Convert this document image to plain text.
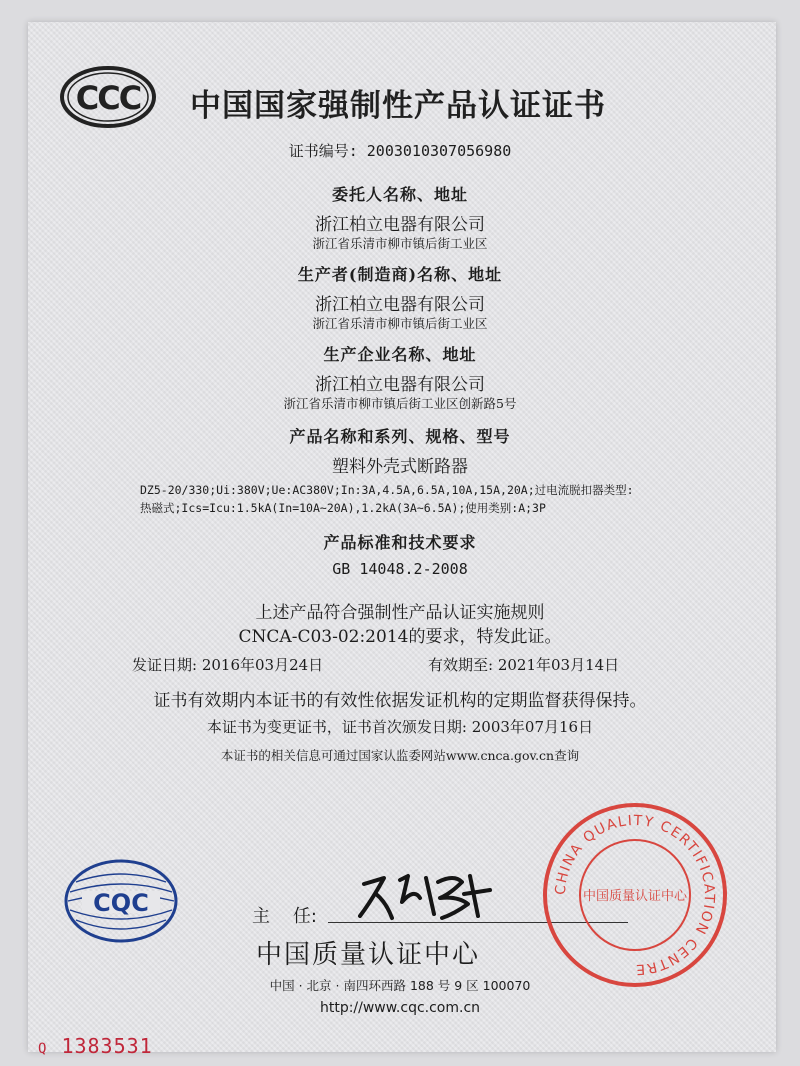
CCC 中国国家强制性产品认证证书
证书编号: 2003010307056980
委托人名称、地址
浙江柏立电器有限公司
浙江省乐清市柳市镇后街工业区
生产者(制造商)名称、地址
浙江柏立电器有限公司
浙江省乐清市柳市镇后街工业区
生产企业名称、地址
浙江柏立电器有限公司
浙江省乐清市柳市镇后街工业区创新路5号
产品名称和系列、规格、型号
塑料外壳式断路器
DZ5-20/330;Ui:380V;Ue:AC380V;In:3A,4.5A,6.5A,10A,15A,20A;过电流脱扣器类型:
热磁式;Ics=Icu:1.5kA(In=10A~20A),1.2kA(3A~6.5A);使用类别:A;3P
产品标准和技术要求
GB 14048.2-2008
上述产品符合强制性产品认证实施规则
CNCA-C03-02:2014的要求，特发此证。
发证日期: 2016年03月24日	有效期至: 2021年03月14日
证书有效期内本证书的有效性依据发证机构的定期监督获得保持。
本证书为变更证书，证书首次颁发日期: 2003年07月16日
本证书的相关信息可通过国家认监委网站www.cnca.gov.cn查询
CQC	主    任:
中国质量认证中心
中国 · 北京 · 南四环西路 188 号 9 区 100070
http://www.cqc.com.cn
CHINA QUALITY CERTIFICATION CENTRE
中国质量认证中心
Q 1383531
